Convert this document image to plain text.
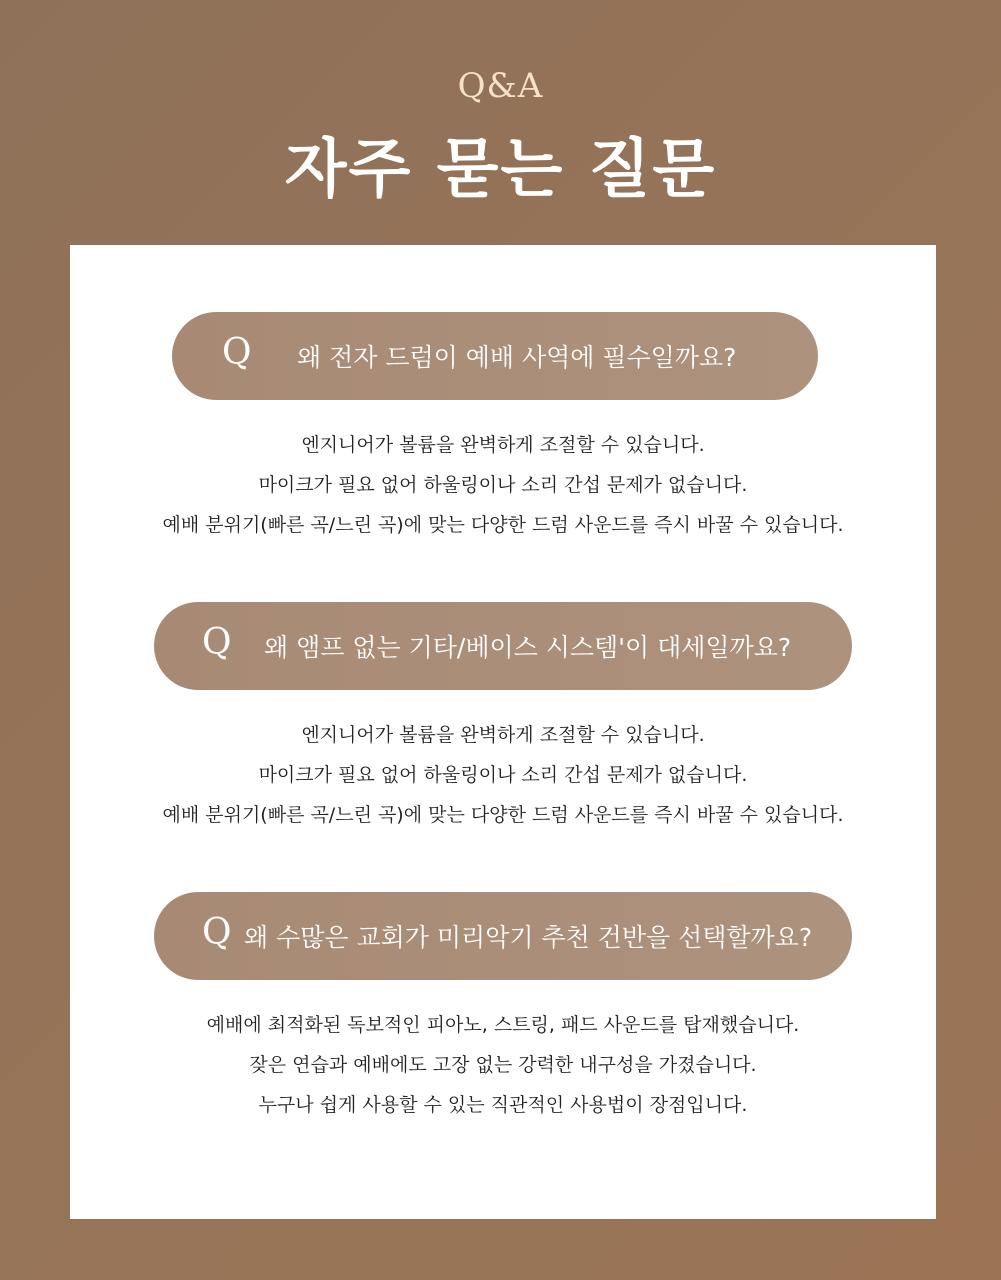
Q&A
자주 묻는 질문
Q 왜 전자 드럼이 예배 사역에 필수일까요?
엔지니어가 볼륨을 완벽하게 조절할 수 있습니다.
마이크가 필요 없어 하울링이나 소리 간섭 문제가 없습니다.
예배 분위기(빠른 곡/느린 곡)에 맞는 다양한 드럼 사운드를 즉시 바꿀 수 있습니다.
Q 왜 앰프 없는 기타/베이스 시스템'이 대세일까요?
엔지니어가 볼륨을 완벽하게 조절할 수 있습니다.
마이크가 필요 없어 하울링이나 소리 간섭 문제가 없습니다.
예배 분위기(빠른 곡/느린 곡)에 맞는 다양한 드럼 사운드를 즉시 바꿀 수 있습니다.
Q 왜 수많은 교회가 미리악기 추천 건반을 선택할까요?
예배에 최적화된 독보적인 피아노, 스트링, 패드 사운드를 탑재했습니다.
잦은 연습과 예배에도 고장 없는 강력한 내구성을 가졌습니다.
누구나 쉽게 사용할 수 있는 직관적인 사용법이 장점입니다.
